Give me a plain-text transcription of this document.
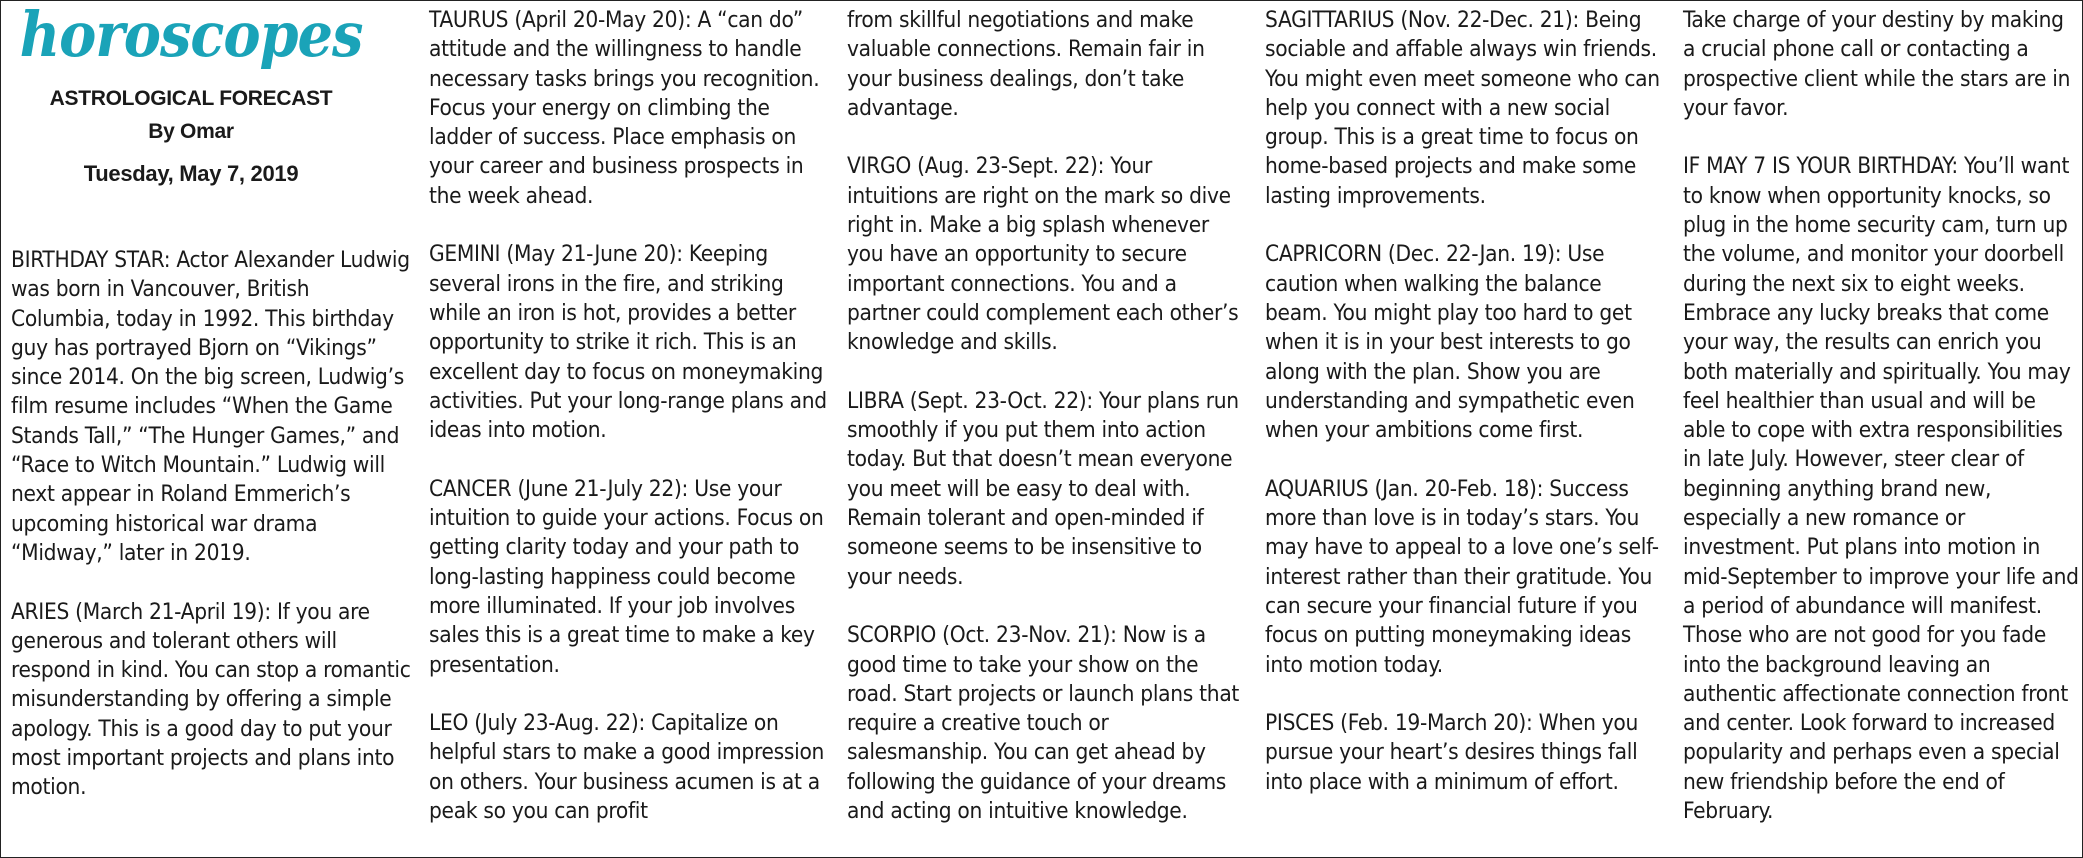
horoscopes
ASTROLOGICAL FORECAST
By Omar
Tuesday, May 7, 2019

BIRTHDAY STAR: Actor Alexander Ludwig was born in Vancouver, British Columbia, today in 1992. This birthday guy has portrayed Bjorn on “Vikings” since 2014. On the big screen, Ludwig’s film resume includes “When the Game Stands Tall,” “The Hunger Games,” and “Race to Witch Mountain.” Ludwig will next appear in Roland Emmerich’s upcoming historical war drama “Midway,” later in 2019.

ARIES (March 21-April 19): If you are generous and tolerant others will respond in kind. You can stop a romantic misunderstanding by offering a simple apology. This is a good day to put your most important projects and plans into motion.

TAURUS (April 20-May 20): A “can do” attitude and the willingness to handle necessary tasks brings you recognition. Focus your energy on climbing the ladder of success. Place emphasis on your career and business prospects in the week ahead.

GEMINI (May 21-June 20): Keeping several irons in the fire, and striking while an iron is hot, provides a better opportunity to strike it rich. This is an excellent day to focus on moneymaking activities. Put your long-range plans and ideas into motion.

CANCER (June 21-July 22): Use your intuition to guide your actions. Focus on getting clarity today and your path to long-lasting happiness could become more illuminated. If your job involves sales this is a great time to make a key presentation.

LEO (July 23-Aug. 22): Capitalize on helpful stars to make a good impression on others. Your business acumen is at a peak so you can profit

from skillful negotiations and make valuable connections. Remain fair in your business dealings, don’t take advantage.

VIRGO (Aug. 23-Sept. 22): Your intuitions are right on the mark so dive right in. Make a big splash whenever you have an opportunity to secure important connections. You and a partner could complement each other’s knowledge and skills.

LIBRA (Sept. 23-Oct. 22): Your plans run smoothly if you put them into action today. But that doesn’t mean everyone you meet will be easy to deal with. Remain tolerant and open-minded if someone seems to be insensitive to your needs.

SCORPIO (Oct. 23-Nov. 21): Now is a good time to take your show on the road. Start projects or launch plans that require a creative touch or salesmanship. You can get ahead by following the guidance of your dreams and acting on intuitive knowledge.

SAGITTARIUS (Nov. 22-Dec. 21): Being sociable and affable always win friends. You might even meet someone who can help you connect with a new social group. This is a great time to focus on home-based projects and make some lasting improvements.

CAPRICORN (Dec. 22-Jan. 19): Use caution when walking the balance beam. You might play too hard to get when it is in your best interests to go along with the plan. Show you are understanding and sympathetic even when your ambitions come first.

AQUARIUS (Jan. 20-Feb. 18): Success more than love is in today’s stars. You may have to appeal to a love one’s self-interest rather than their gratitude. You can secure your financial future if you focus on putting moneymaking ideas into motion today.

PISCES (Feb. 19-March 20): When you pursue your heart’s desires things fall into place with a minimum of effort.

Take charge of your destiny by making a crucial phone call or contacting a prospective client while the stars are in your favor.

IF MAY 7 IS YOUR BIRTHDAY: You’ll want to know when opportunity knocks, so plug in the home security cam, turn up the volume, and monitor your doorbell during the next six to eight weeks. Embrace any lucky breaks that come your way, the results can enrich you both materially and spiritually. You may feel healthier than usual and will be able to cope with extra responsibilities in late July. However, steer clear of beginning anything brand new, especially a new romance or investment. Put plans into motion in mid-September to improve your life and a period of abundance will manifest. Those who are not good for you fade into the background leaving an authentic affectionate connection front and center. Look forward to increased popularity and perhaps even a special new friendship before the end of February.
